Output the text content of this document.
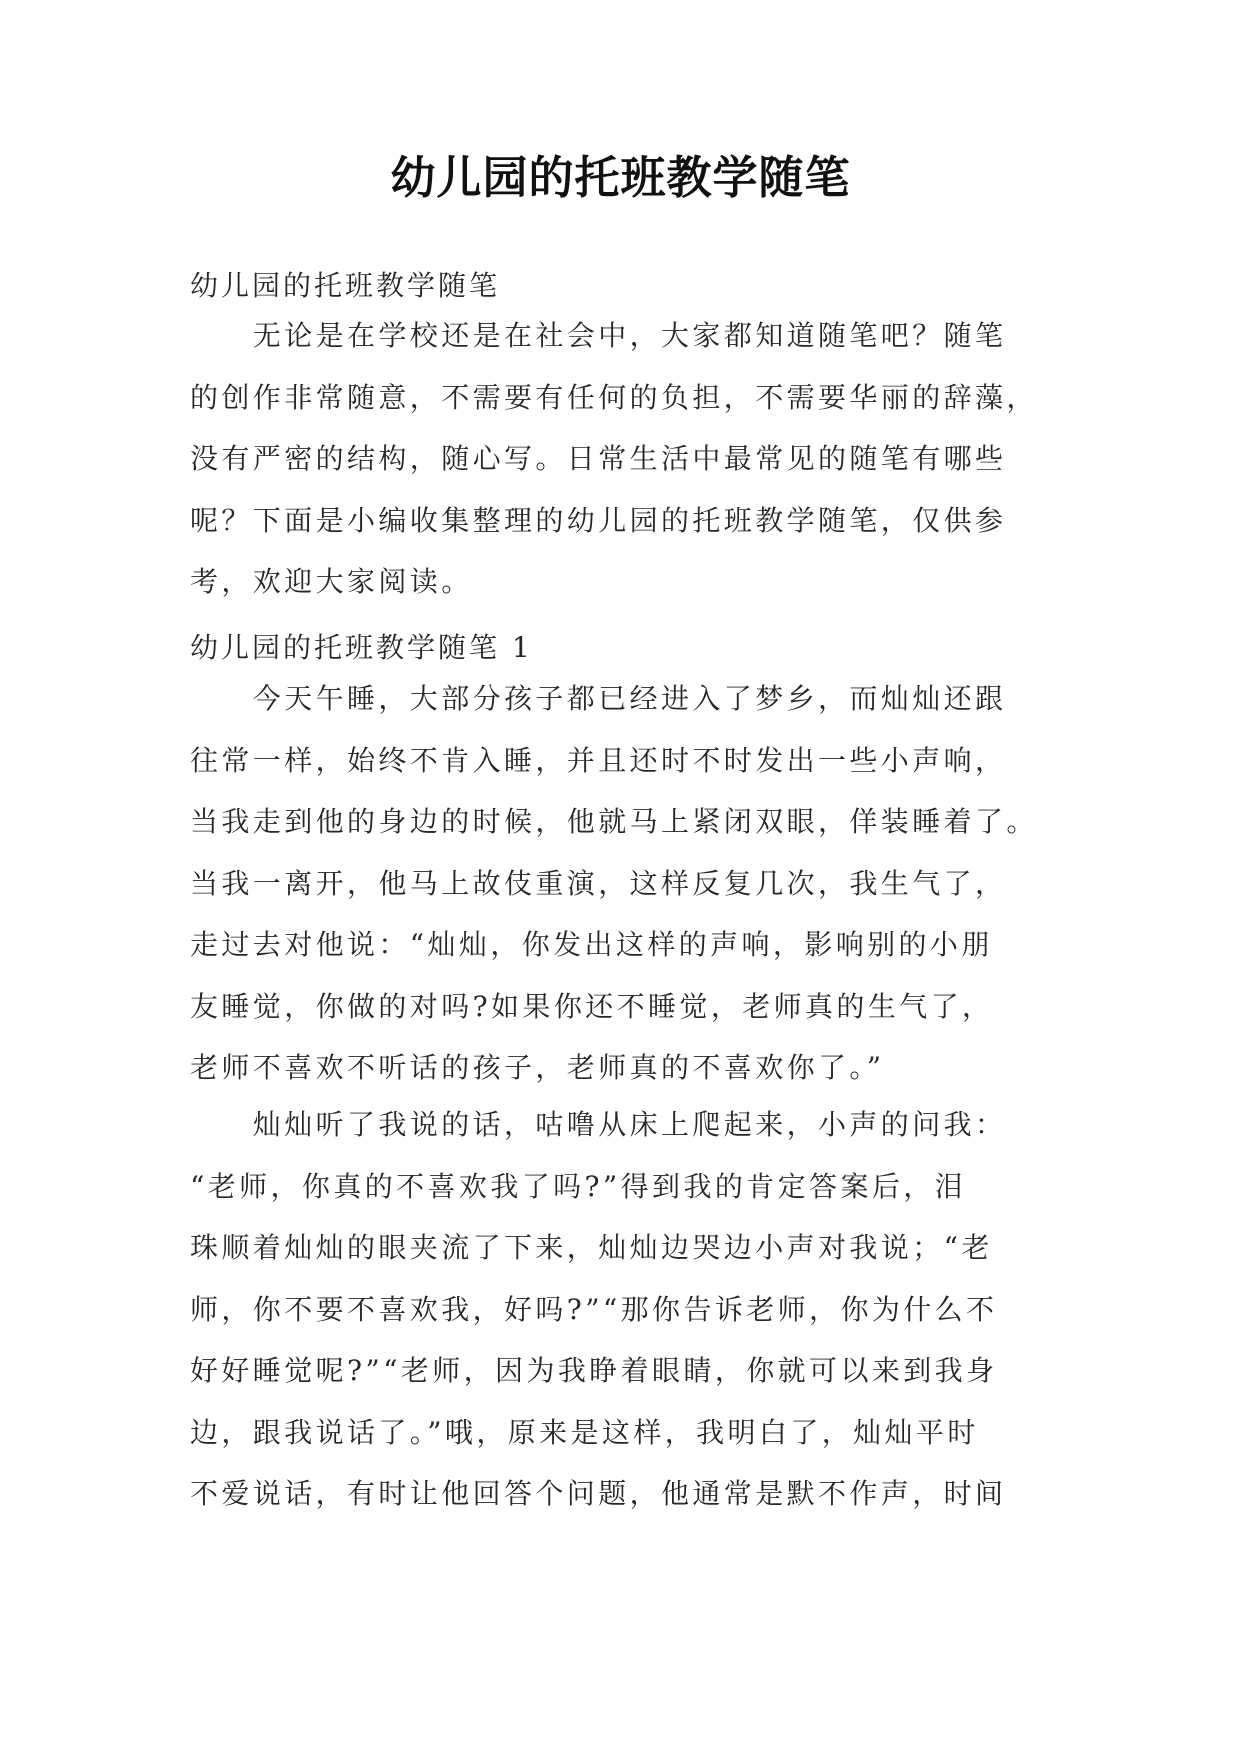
幼儿园的托班教学随笔
幼儿园的托班教学随笔
　　无论是在学校还是在社会中，大家都知道随笔吧？随笔
的创作非常随意，不需要有任何的负担，不需要华丽的辞藻，
没有严密的结构，随心写。日常生活中最常见的随笔有哪些
呢？下面是小编收集整理的幼儿园的托班教学随笔，仅供参
考，欢迎大家阅读。
幼儿园的托班教学随笔 1
　　今天午睡，大部分孩子都已经进入了梦乡，而灿灿还跟
往常一样，始终不肯入睡，并且还时不时发出一些小声响，
当我走到他的身边的时候，他就马上紧闭双眼，佯装睡着了。
当我一离开，他马上故伎重演，这样反复几次，我生气了，
走过去对他说：“灿灿，你发出这样的声响，影响别的小朋
友睡觉，你做的对吗?如果你还不睡觉，老师真的生气了，
老师不喜欢不听话的孩子，老师真的不喜欢你了。”
　　灿灿听了我说的话，咕噜从床上爬起来，小声的问我：
“老师，你真的不喜欢我了吗?”得到我的肯定答案后，泪
珠顺着灿灿的眼夹流了下来，灿灿边哭边小声对我说；“老
师，你不要不喜欢我，好吗?”“那你告诉老师，你为什么不
好好睡觉呢?”“老师，因为我睁着眼睛，你就可以来到我身
边，跟我说话了。”哦，原来是这样，我明白了，灿灿平时
不爱说话，有时让他回答个问题，他通常是默不作声，时间
